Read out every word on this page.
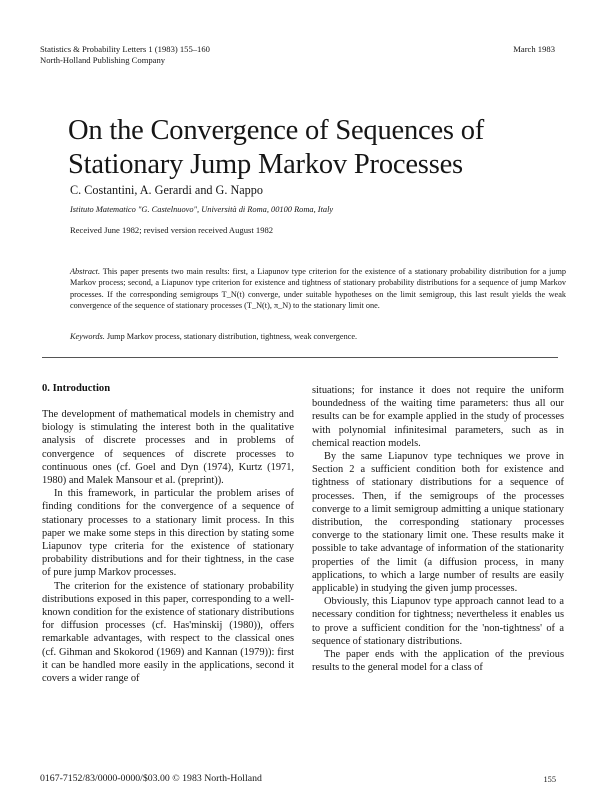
Statistics & Probability Letters 1 (1983) 155–160
North-Holland Publishing Company
March 1983
On the Convergence of Sequences of
Stationary Jump Markov Processes
C. Costantini, A. Gerardi and G. Nappo
Istituto Matematico "G. Castelnuovo", Università di Roma, 00100 Roma, Italy
Received June 1982; revised version received August 1982
Abstract. This paper presents two main results: first, a Liapunov type criterion for the existence of a stationary probability distribution for a jump Markov process; second, a Liapunov type criterion for existence and tightness of stationary probability distributions for a sequence of jump Markov processes. If the corresponding semigroups T_N(t) converge, under suitable hypotheses on the limit semigroup, this last result yields the weak convergence of the sequence of stationary processes (T_N(t), π_N) to the stationary limit one.
Keywords. Jump Markov process, stationary distribution, tightness, weak convergence.
0. Introduction

The development of mathematical models in chemistry and biology is stimulating the interest both in the qualitative analysis of discrete processes and in problems of convergence of sequences of discrete processes to continuous ones (cf. Goel and Dyn (1974), Kurtz (1971, 1980) and Malek Mansour et al. (preprint)).

In this framework, in particular the problem arises of finding conditions for the convergence of a sequence of stationary processes to a stationary limit process. In this paper we make some steps in this direction by stating some Liapunov type criteria for the existence of stationary probability distributions and for their tightness, in the case of pure jump Markov processes.

The criterion for the existence of stationary probability distributions exposed in this paper, corresponding to a well-known condition for the existence of stationary distributions for diffusion processes (cf. Has'minskij (1980)), offers remarkable advantages, with respect to the classical ones (cf. Gihman and Skokorod (1969) and Kannan (1979)): first it can be handled more easily in the applications, second it covers a wider range of

situations; for instance it does not require the uniform boundedness of the waiting time parameters: thus all our results can be for example applied in the study of processes with polynomial infinitesimal parameters, such as in chemical reaction models.

By the same Liapunov type techniques we prove in Section 2 a sufficient condition both for existence and tightness of stationary distributions for a sequence of processes. Then, if the semigroups of the processes converge to a limit semigroup admitting a unique stationary distribution, the corresponding stationary processes converge to the stationary limit one. These results make it possible to take advantage of information of the stationarity properties of the limit (a diffusion process, in many applications, to which a large number of results are easily applicable) in studying the given jump processes.

Obviously, this Liapunov type approach cannot lead to a necessary condition for tightness; nevertheless it enables us to prove a sufficient condition for the 'non-tightness' of a sequence of stationary distributions.

The paper ends with the application of the previous results to the general model for a class of

0167-7152/83/0000-0000/$03.00 © 1983 North-Holland	155
